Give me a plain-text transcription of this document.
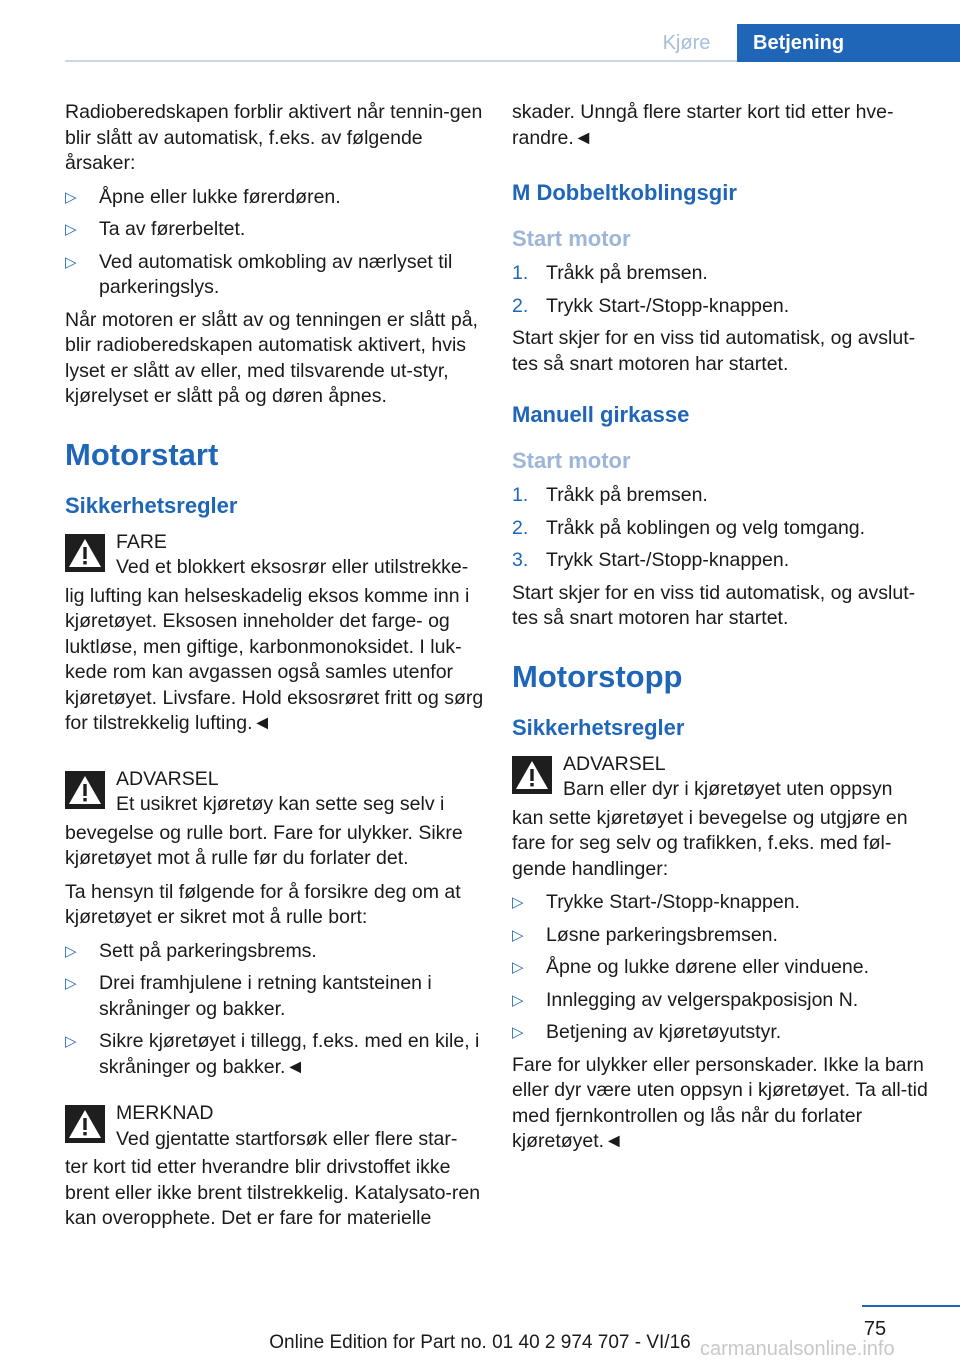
Kjøre	Betjening

Radioberedskapen forblir aktivert når tennin-gen blir slått av automatisk, f.eks. av følgende årsaker:

▷ Åpne eller lukke førerdøren.
▷ Ta av førerbeltet.
▷ Ved automatisk omkobling av nærlyset til parkeringslys.

Når motoren er slått av og tenningen er slått på, blir radioberedskapen automatisk aktivert, hvis lyset er slått av eller, med tilsvarende ut-styr, kjørelyset er slått på og døren åpnes.

Motorstart
Sikkerhetsregler
FARE
Ved et blokkert eksosrør eller utilstrekke-

lig lufting kan helseskadelig eksos komme inn i kjøretøyet. Eksosen inneholder det farge- og luktløse, men giftige, karbonmonoksidet. I luk-kede rom kan avgassen også samles utenfor kjøretøyet. Livsfare. Hold eksosrøret fritt og sørg for tilstrekkelig lufting.◄

ADVARSEL
Et usikret kjøretøy kan sette seg selv i

bevegelse og rulle bort. Fare for ulykker. Sikre kjøretøyet mot å rulle før du forlater det.

Ta hensyn til følgende for å forsikre deg om at kjøretøyet er sikret mot å rulle bort:

▷ Sett på parkeringsbrems.
▷ Drei framhjulene i retning kantsteinen i skråninger og bakker.
▷ Sikre kjøretøyet i tillegg, f.eks. med en kile, i skråninger og bakker.◄
MERKNAD
Ved gjentatte startforsøk eller flere star-

ter kort tid etter hverandre blir drivstoffet ikke brent eller ikke brent tilstrekkelig. Katalysato-ren kan overopphete. Det er fare for materielle

skader. Unngå flere starter kort tid etter hve-randre.◄

M Dobbeltkoblingsgir
Start motor
1. Tråkk på bremsen.
2. Trykk Start-/Stopp-knappen.

Start skjer for en viss tid automatisk, og avslut-tes så snart motoren har startet.

Manuell girkasse
Start motor
1. Tråkk på bremsen.
2. Tråkk på koblingen og velg tomgang.
3. Trykk Start-/Stopp-knappen.

Start skjer for en viss tid automatisk, og avslut-tes så snart motoren har startet.

Motorstopp
Sikkerhetsregler
ADVARSEL
Barn eller dyr i kjøretøyet uten oppsyn

kan sette kjøretøyet i bevegelse og utgjøre en fare for seg selv og trafikken, f.eks. med føl-gende handlinger:

▷ Trykke Start-/Stopp-knappen.
▷ Løsne parkeringsbremsen.
▷ Åpne og lukke dørene eller vinduene.
▷ Innlegging av velgerspakposisjon N.
▷ Betjening av kjøretøyutstyr.

Fare for ulykker eller personskader. Ikke la barn eller dyr være uten oppsyn i kjøretøyet. Ta all-tid med fjernkontrollen og lås når du forlater kjøretøyet.◄

75
Online Edition for Part no. 01 40 2 974 707 - VI/16 carmanualsonline.info
